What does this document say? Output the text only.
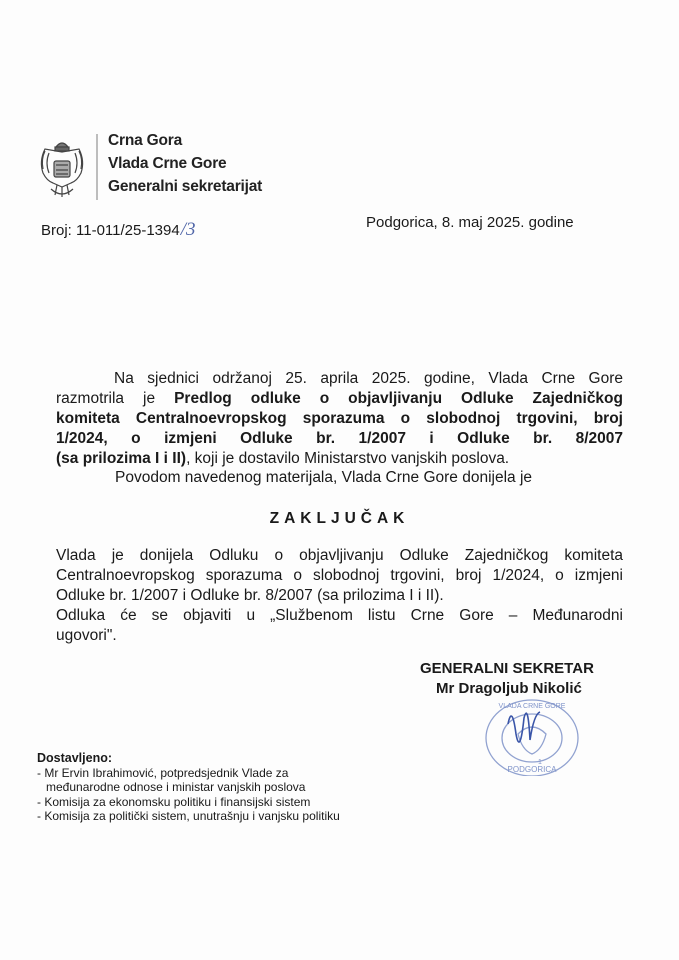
Crna Gora
Vlada Crne Gore
Generalni sekretarijat
Broj: 11-011/25-1394/3	Podgorica, 8. maj 2025. godine
Na sjednici održanoj 25. aprila 2025. godine, Vlada Crne Gore
razmotrila je Predlog odluke o objavljivanju Odluke Zajedničkog
komiteta Centralnoevropskog sporazuma o slobodnoj trgovini, broj
1/2024, o izmjeni Odluke br. 1/2007 i Odluke br. 8/2007
(sa prilozima I i II), koji je dostavilo Ministarstvo vanjskih poslova.
Povodom navedenog materijala, Vlada Crne Gore donijela je
ZAKLJUČAK
Vlada je donijela Odluku o objavljivanju Odluke Zajedničkog komiteta
Centralnoevropskog sporazuma o slobodnoj trgovini, broj 1/2024, o izmjeni
Odluke br. 1/2007 i Odluke br. 8/2007 (sa prilozima I i II).
Odluka će se objaviti u „Službenom listu Crne Gore – Međunarodni
ugovori".
GENERALNI SEKRETAR
Mr Dragoljub Nikolić
PODGORICA
VLADA CRNE GORE
1
Dostavljeno:
- Mr Ervin Ibrahimović, potpredsjednik Vlade za
međunarodne odnose i ministar vanjskih poslova
- Komisija za ekonomsku politiku i finansijski sistem
- Komisija za politički sistem, unutrašnju i vanjsku politiku
